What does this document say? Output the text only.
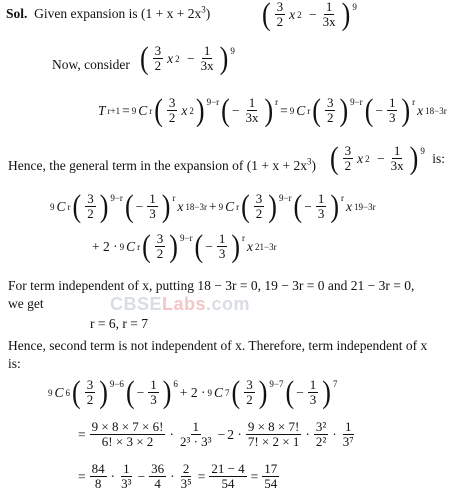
Sol. Given expansion is $(1 + x + 2x^3)$ ( $\frac{3}{2}$ x 2
− $\frac{1}{3x} )^9$
Now, consider ( $\frac{3}{2}$ x 2
− $\frac{1}{3x} )^9$
T r+1 = 9 C r ( $\frac{3}{2}$ x 2 )$^{9-r}$ ( − $\frac{1}{3x} )^r$
= 9 C r ( $\frac{3}{2} )^{9-r}$ ( − $\frac{1}{3} )^r$
x 18−3r
Hence, the general term in the expansion of $(1 + x + 2x^3)$ ( $\frac{3}{2}$ x 2
− $\frac{1}{3x} )^9$
is:
9 C r ( $\frac{3}{2} )^{9-r}$ ( − $\frac{1}{3} )^r$
x 18−3r + 9 C r ( $\frac{3}{2} )^{9-r}$ ( − $\frac{1}{3} )^r$
x 19−3r
+ 2 · 9 C r ( $\frac{3}{2} )^{9-r}$ ( − $\frac{1}{3} )^r$
x 21−3r
For term independent of x, putting 18 − 3r = 0, 19 − 3r = 0 and 21 − 3r = 0,
we get	CBSELabs.com
r = 6, r = 7
Hence, second term is not independent of x. Therefore, term independent of x
is:
9 C 6 ( $\frac{3}{2} )^{9-6}$ ( − $\frac{1}{3} )^6$
+ 2 · 9 C 7 ( $\frac{3}{2} )^{9-7}$ ( − $\frac{1}{3} )^7$
= $\frac{9 \times 8 \times 7 \times 6!}{6! \times 3 \times 2} \cdot \frac{1}{\text{2³ · 3³}} - 2 \cdot \frac{9 \times 8 \times 7!}{7! \times 2 \times 1} \cdot \frac{\text{3²}}{\text{2²}} \cdot \frac{1}{\text{3⁷}}$
= $\frac{84}{8} \cdot \frac{1}{\text{3³}} - \frac{36}{4} \cdot \frac{2}{\text{3⁵}} = \frac{21 - 4}{54} = \frac{17}{54}$
